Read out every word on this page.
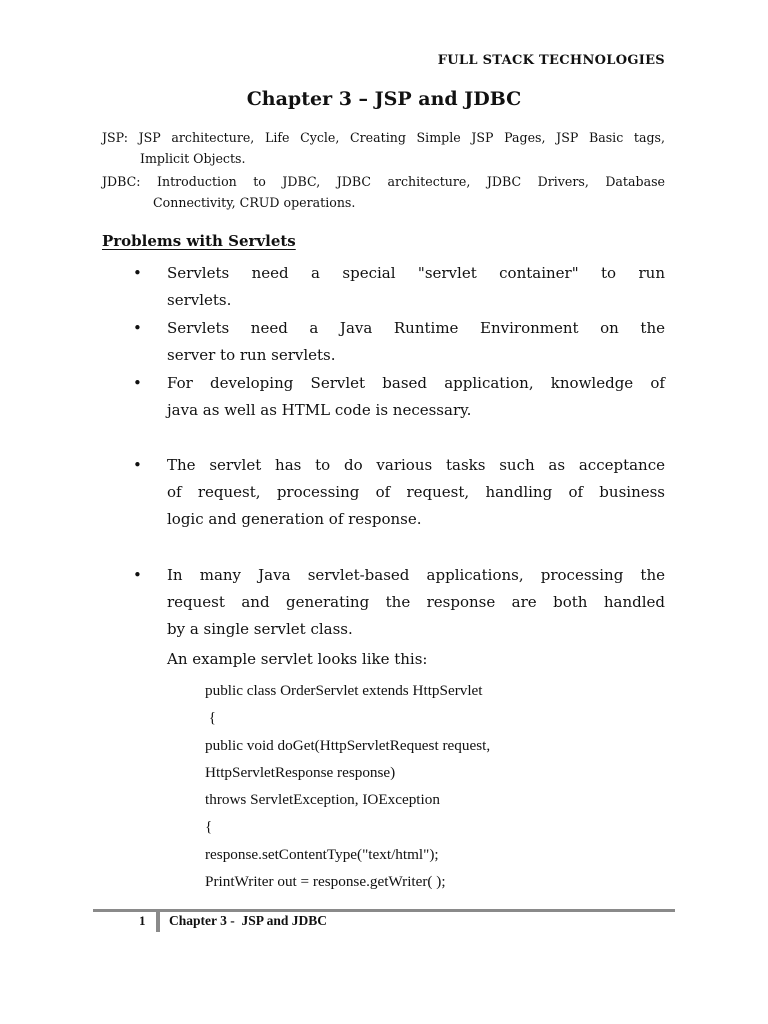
FULL STACK TECHNOLOGIES
Chapter 3 – JSP and JDBC
JSP: JSP architecture, Life Cycle, Creating Simple JSP Pages, JSP Basic tags,
Implicit Objects.
JDBC: Introduction to JDBC, JDBC architecture, JDBC Drivers, Database
Connectivity, CRUD operations.
Problems with Servlets
• Servlets need a special "servlet container" to run
servlets.
• Servlets need a Java Runtime Environment on the
server to run servlets.
• For developing Servlet based application, knowledge of
java as well as HTML code is necessary.
• The servlet has to do various tasks such as acceptance
of request, processing of request, handling of business
logic and generation of response.
• In many Java servlet-based applications, processing the
request and generating the response are both handled
by a single servlet class.
An example servlet looks like this:
public class OrderServlet extends HttpServlet
{
public void doGet(HttpServletRequest request,
HttpServletResponse response)
throws ServletException, IOException
{
response.setContentType("text/html");
PrintWriter out = response.getWriter( );
1 Chapter 3 -  JSP and JDBC
